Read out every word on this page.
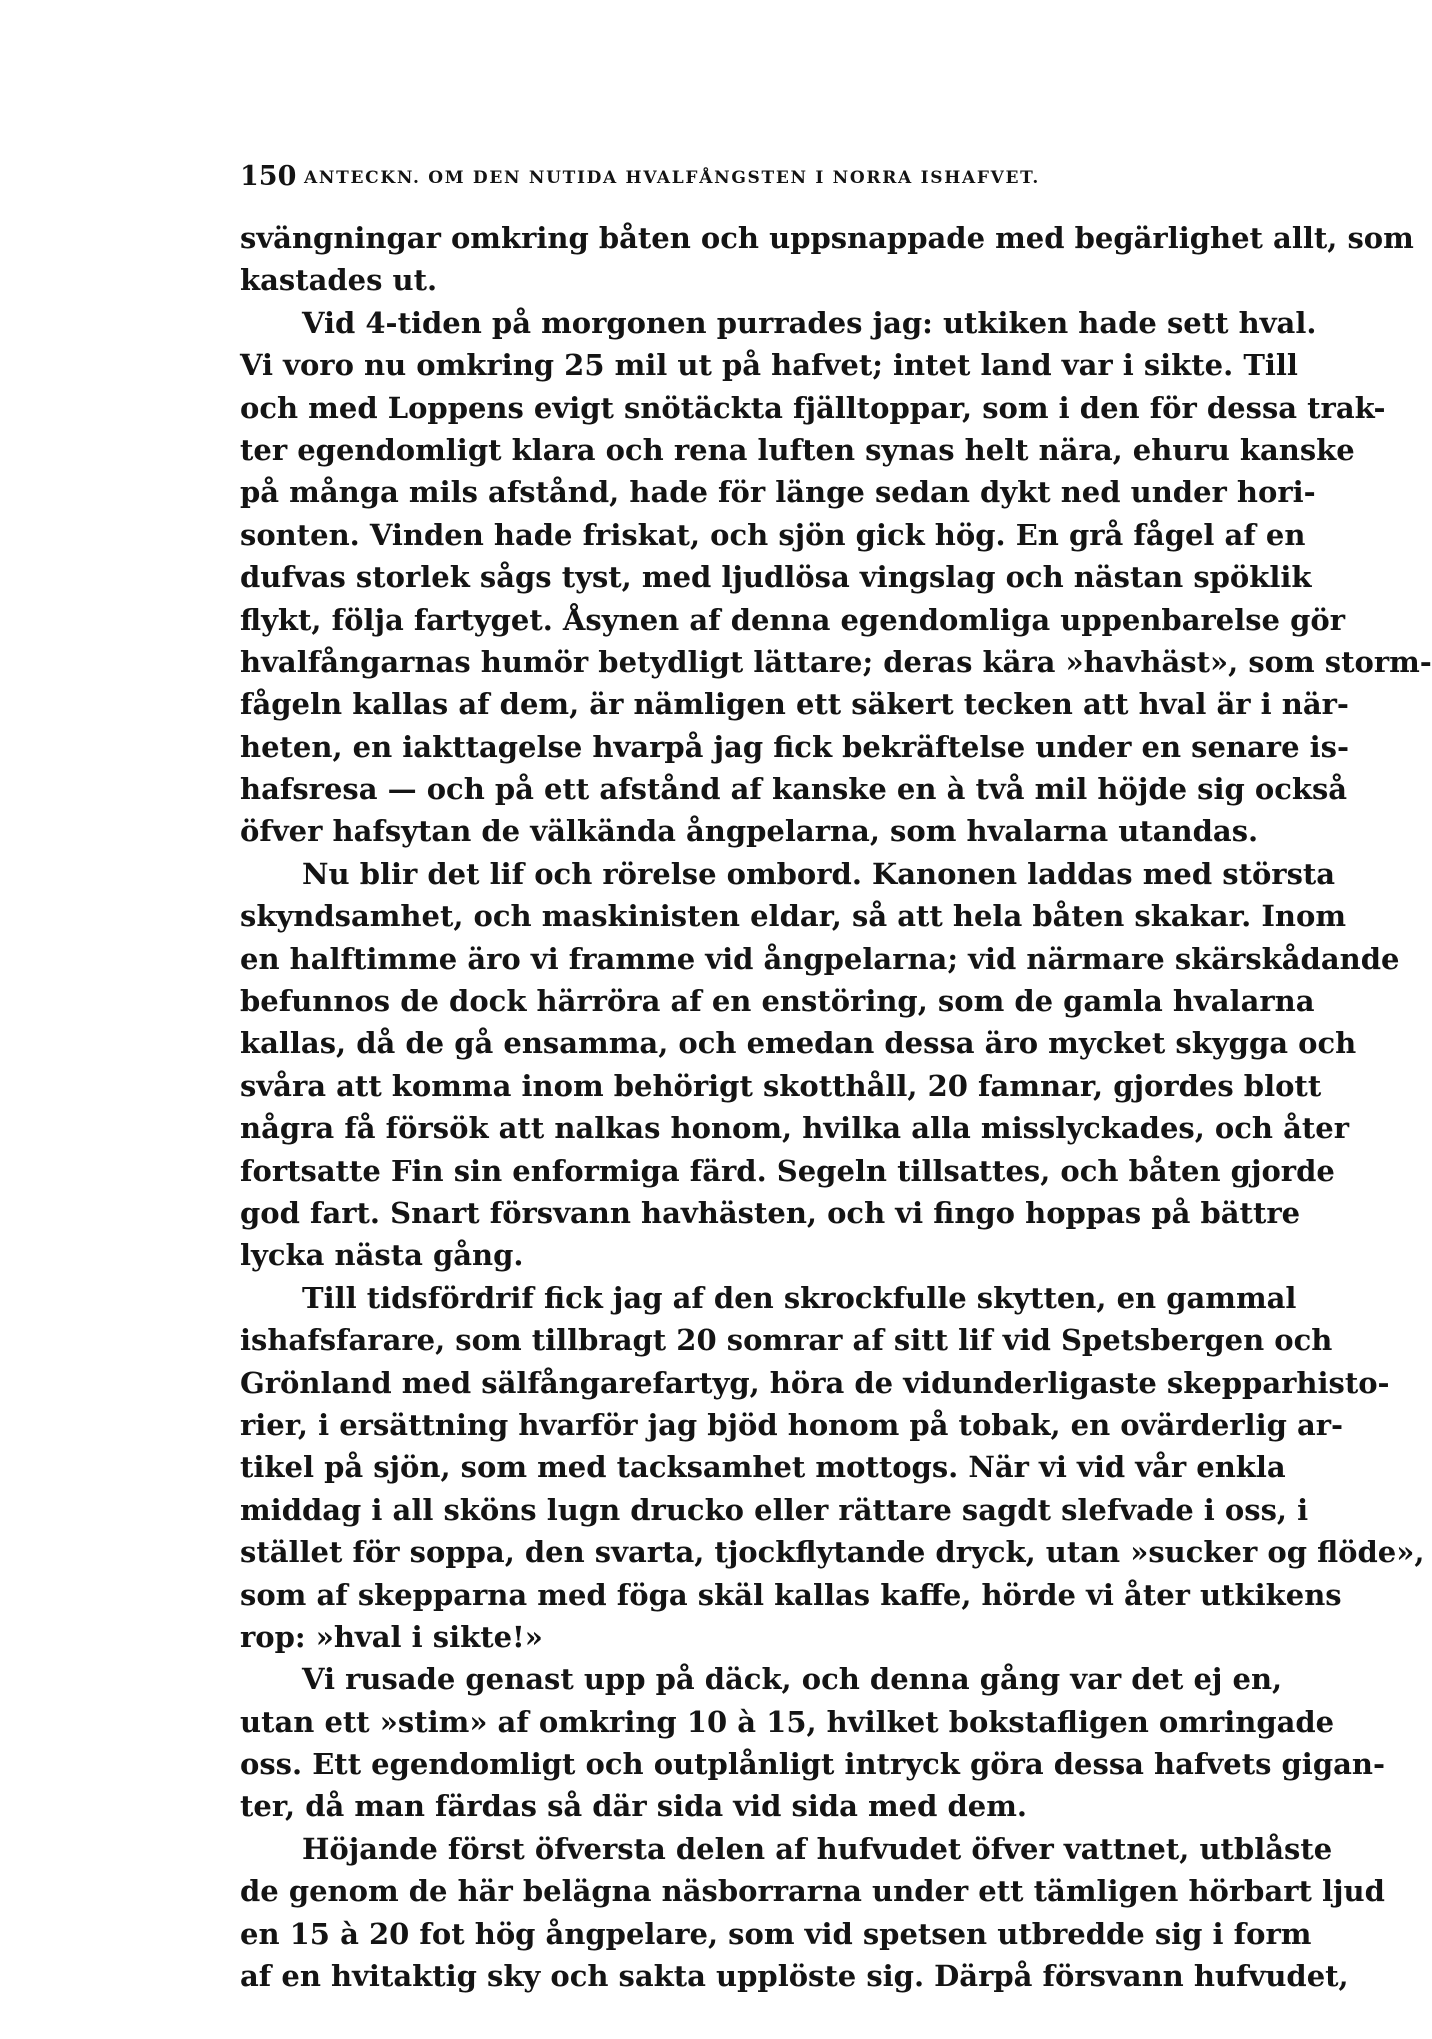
150 ANTECKN. OM DEN NUTIDA HVALFÅNGSTEN I NORRA ISHAFVET.
svängningar omkring båten och uppsnappade med begärlighet allt, som
kastades ut.
Vid 4-tiden på morgonen purrades jag: utkiken hade sett hval.
Vi voro nu omkring 25 mil ut på hafvet; intet land var i sikte. Till
och med Loppens evigt snötäckta fjälltoppar, som i den för dessa trak-
ter egendomligt klara och rena luften synas helt nära, ehuru kanske
på många mils afstånd, hade för länge sedan dykt ned under hori-
sonten. Vinden hade friskat, och sjön gick hög. En grå fågel af en
dufvas storlek sågs tyst, med ljudlösa vingslag och nästan spöklik
flykt, följa fartyget. Åsynen af denna egendomliga uppenbarelse gör
hvalfångarnas humör betydligt lättare; deras kära »havhäst», som storm-
fågeln kallas af dem, är nämligen ett säkert tecken att hval är i när-
heten, en iakttagelse hvarpå jag fick bekräftelse under en senare is-
hafsresa — och på ett afstånd af kanske en à två mil höjde sig också
öfver hafsytan de välkända ångpelarna, som hvalarna utandas.
Nu blir det lif och rörelse ombord. Kanonen laddas med största
skyndsamhet, och maskinisten eldar, så att hela båten skakar. Inom
en halftimme äro vi framme vid ångpelarna; vid närmare skärskådande
befunnos de dock härröra af en enstöring, som de gamla hvalarna
kallas, då de gå ensamma, och emedan dessa äro mycket skygga och
svåra att komma inom behörigt skotthåll, 20 famnar, gjordes blott
några få försök att nalkas honom, hvilka alla misslyckades, och åter
fortsatte Fin sin enformiga färd. Segeln tillsattes, och båten gjorde
god fart. Snart försvann havhästen, och vi fingo hoppas på bättre
lycka nästa gång.
Till tidsfördrif fick jag af den skrockfulle skytten, en gammal
ishafsfarare, som tillbragt 20 somrar af sitt lif vid Spetsbergen och
Grönland med sälfångarefartyg, höra de vidunderligaste skepparhisto-
rier, i ersättning hvarför jag bjöd honom på tobak, en ovärderlig ar-
tikel på sjön, som med tacksamhet mottogs. När vi vid vår enkla
middag i all sköns lugn drucko eller rättare sagdt slefvade i oss, i
stället för soppa, den svarta, tjockflytande dryck, utan »sucker og flöde»,
som af skepparna med föga skäl kallas kaffe, hörde vi åter utkikens
rop: »hval i sikte!»
Vi rusade genast upp på däck, och denna gång var det ej en,
utan ett »stim» af omkring 10 à 15, hvilket bokstafligen omringade
oss. Ett egendomligt och outplånligt intryck göra dessa hafvets gigan-
ter, då man färdas så där sida vid sida med dem.
Höjande först öfversta delen af hufvudet öfver vattnet, utblåste
de genom de här belägna näsborrarna under ett tämligen hörbart ljud
en 15 à 20 fot hög ångpelare, som vid spetsen utbredde sig i form
af en hvitaktig sky och sakta upplöste sig. Därpå försvann hufvudet,
